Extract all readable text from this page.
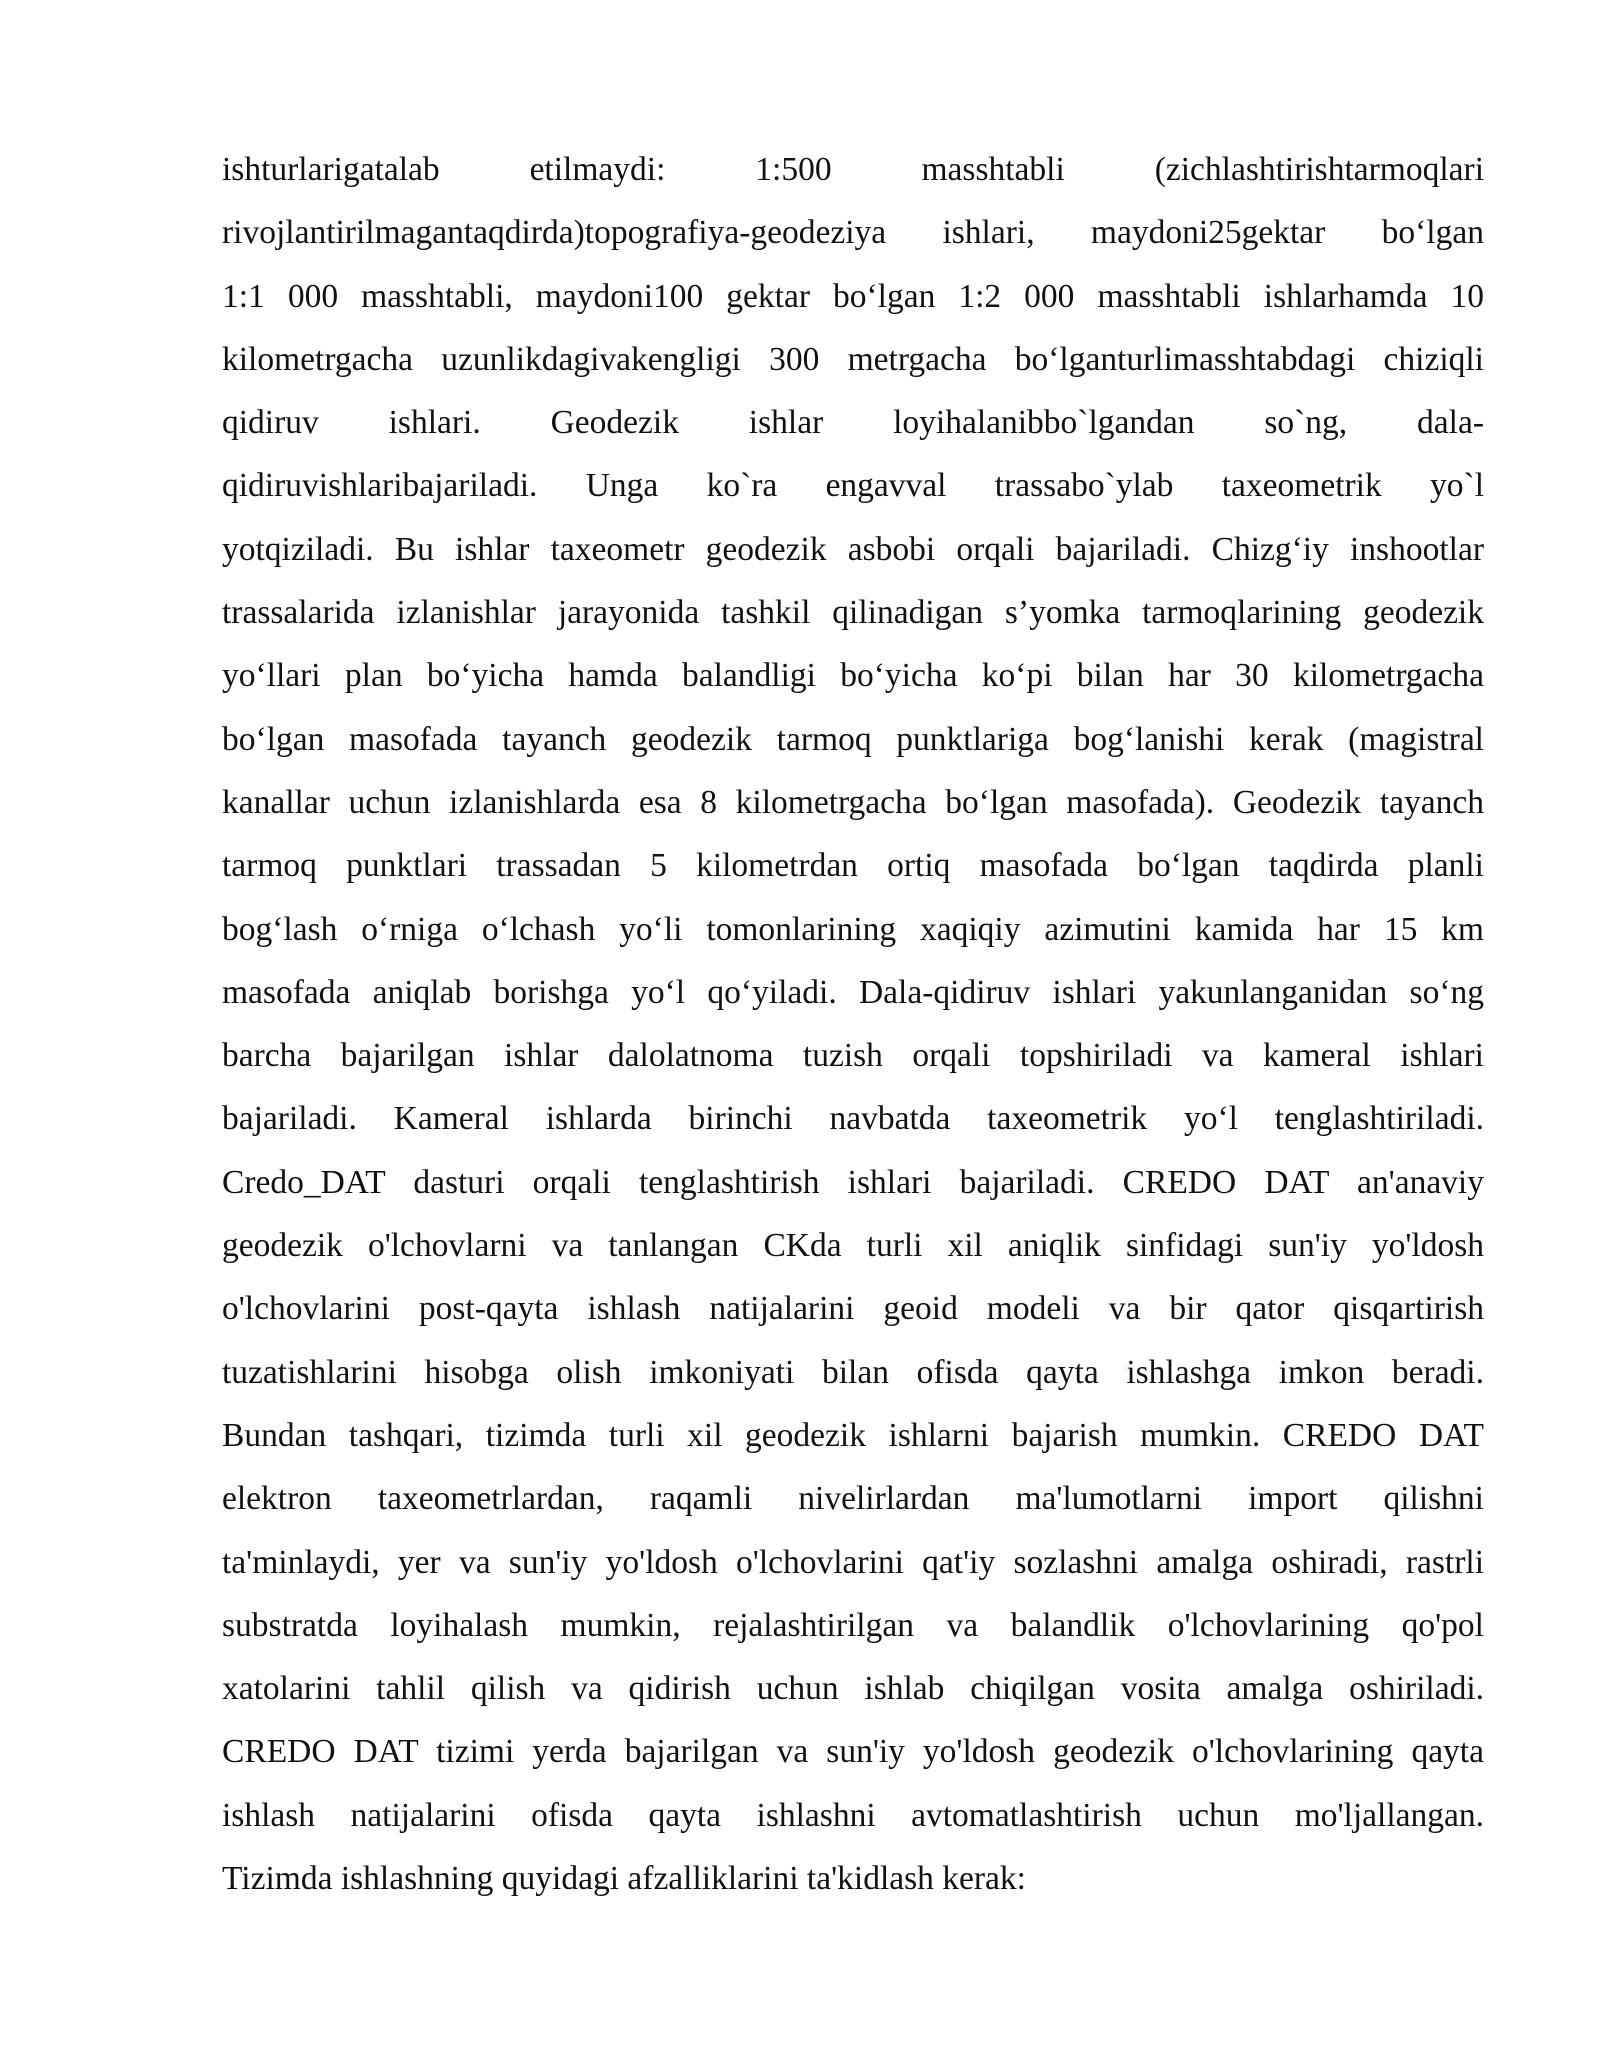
ishturlarigatalab etilmaydi: 1:500 masshtabli (zichlashtirishtarmoqlari
rivojlantirilmagantaqdirda)topografiya-geodeziya ishlari, maydoni25gektar bo‘lgan
1:1 000 masshtabli, maydoni100 gektar bo‘lgan 1:2 000 masshtabli ishlarhamda 10
kilometrgacha uzunlikdagivakengligi 300 metrgacha bo‘lganturlimasshtabdagi chiziqli
qidiruv ishlari. Geodezik ishlar loyihalanibbo`lgandan so`ng, dala-
qidiruvishlaribajariladi. Unga ko`ra engavval trassabo`ylab taxeometrik yo`l
yotqiziladi. Bu ishlar taxeometr geodezik asbobi orqali bajariladi. Chizg‘iy inshootlar
trassalarida izlanishlar jarayonida tashkil qilinadigan s’yomka tarmoqlarining geodezik
yo‘llari plan bo‘yicha hamda balandligi bo‘yicha ko‘pi bilan har 30 kilometrgacha
bo‘lgan masofada tayanch geodezik tarmoq punktlariga bog‘lanishi kerak (magistral
kanallar uchun izlanishlarda esa 8 kilometrgacha bo‘lgan masofada). Geodezik tayanch
tarmoq punktlari trassadan 5 kilometrdan ortiq masofada bo‘lgan taqdirda planli
bog‘lash o‘rniga o‘lchash yo‘li tomonlarining xaqiqiy azimutini kamida har 15 km
masofada aniqlab borishga yo‘l qo‘yiladi. Dala-qidiruv ishlari yakunlanganidan so‘ng
barcha bajarilgan ishlar dalolatnoma tuzish orqali topshiriladi va kameral ishlari
bajariladi. Kameral ishlarda birinchi navbatda taxeometrik yo‘l tenglashtiriladi.
Credo_DAT dasturi orqali tenglashtirish ishlari bajariladi. CREDO DAT an'anaviy
geodezik o'lchovlarni va tanlangan CKda turli xil aniqlik sinfidagi sun'iy yo'ldosh
o'lchovlarini post-qayta ishlash natijalarini geoid modeli va bir qator qisqartirish
tuzatishlarini hisobga olish imkoniyati bilan ofisda qayta ishlashga imkon beradi.
Bundan tashqari, tizimda turli xil geodezik ishlarni bajarish mumkin. CREDO DAT
elektron taxeometrlardan, raqamli nivelirlardan ma'lumotlarni import qilishni
ta'minlaydi, yer va sun'iy yo'ldosh o'lchovlarini qat'iy sozlashni amalga oshiradi, rastrli
substratda loyihalash mumkin, rejalashtirilgan va balandlik o'lchovlarining qo'pol
xatolarini tahlil qilish va qidirish uchun ishlab chiqilgan vosita amalga oshiriladi.
CREDO DAT tizimi yerda bajarilgan va sun'iy yo'ldosh geodezik o'lchovlarining qayta
ishlash natijalarini ofisda qayta ishlashni avtomatlashtirish uchun mo'ljallangan.
Tizimda ishlashning quyidagi afzalliklarini ta'kidlash kerak:
